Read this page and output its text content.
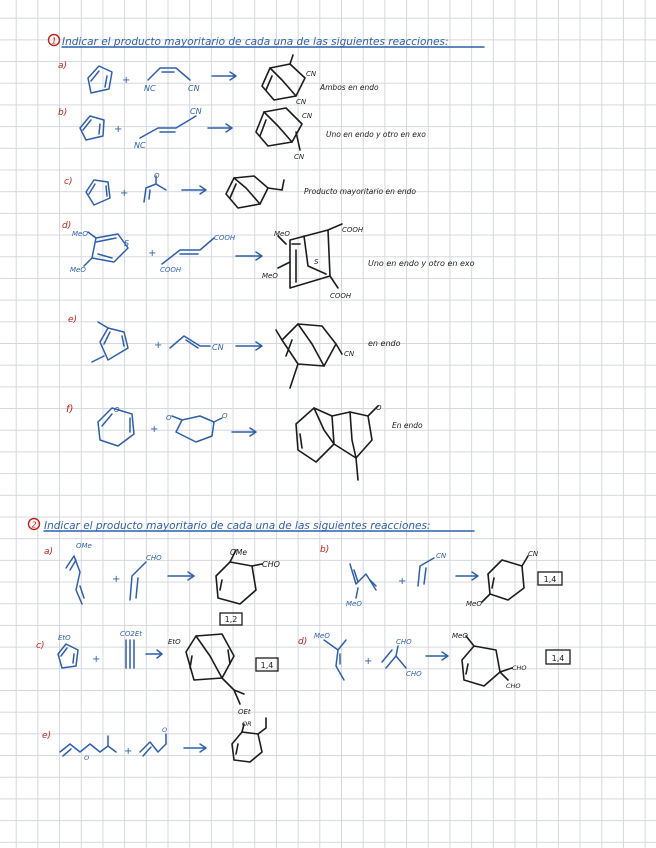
1 Indicar el producto mayoritario de cada una de las siguientes reacciones:
a)
+
NC	CN
CN
CN
Ambos en endo
b)
+
NC
CN	CN
CN
Uno en endo y otro en exo
c)
+
O
Producto mayoritario en endo
d)
MeO
MeO
S
+
COOH
COOH
MeO
MeO
S
COOH
COOH
Uno en endo y otro en exo
e)
+	CN
CN
en endo
f)	O
+
O	O
O
En endo
2 Indicar el producto mayoritario de cada una de las siguientes reacciones:
a)
OMe
+
CHO
OMe
CHO
1,2
b)
MeO
+
CN	CN
MeO
1,4
c)
EtO
+
CO2Et
EtO
OEt
1,4
d)
MeO
+
CHO
CHO
MeO
CHO
CHO
1,4
e)
O
+
O
OR
